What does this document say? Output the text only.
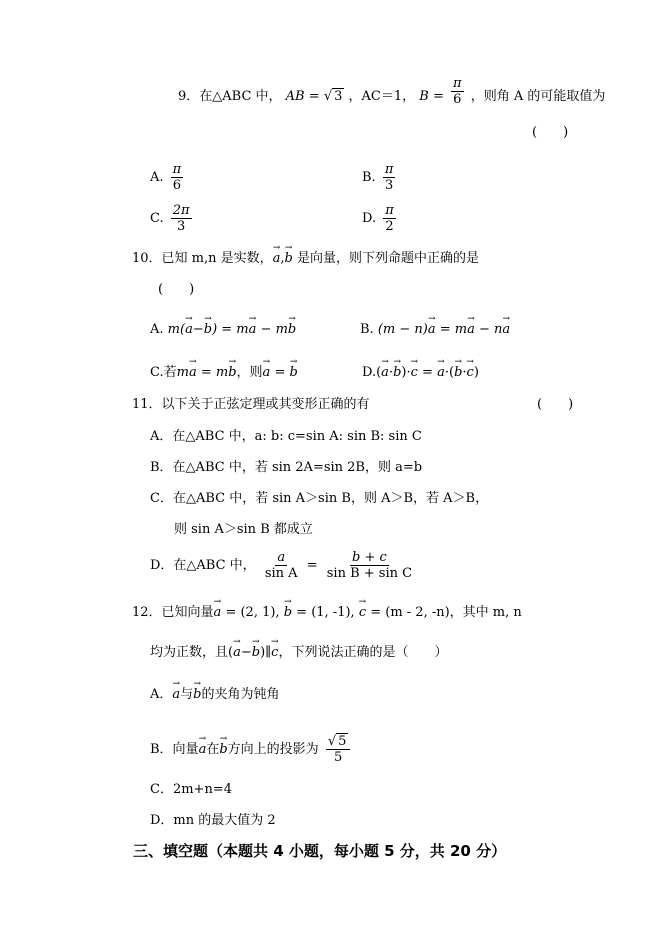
9．在△ABC 中， AB = √ 3 ，AC＝1， $B = \frac{\pi}{6}$ ，则角 A 的可能取值为
(　　)
A. $\frac{\pi}{6}$	B. $\frac{\pi}{3}$
C. $\frac{2\pi}{3}$	D. $\frac{\pi}{2}$
10．已知 m,n 是实数，→ a,→ b 是向量，则下列命题中正确的是
(　　)
A. m(→ a−→ b) = m→ a − m→ b	B. (m − n)→ a = m→ a − n→ a
C.若m→ a = m→ b，则→ a = → b	D.(→ a·→ b)·→ c = → a·(→ b·→ c)
11．以下关于正弦定理或其变形正确的有	(　　)
A．在△ABC 中，a: b: c=sin A: sin B: sin C
B．在△ABC 中，若 sin 2A=sin 2B，则 a=b
C．在△ABC 中，若 sin A＞sin B，则 A＞B，若 A＞B，
则 sin A＞sin B 都成立
D．在△ABC 中， $\frac{a}{\text{sin A}} = \frac{b + c}{\text{sin B + sin C}}$
12．已知向量→ a = (2, 1), → b = (1, -1), → c = (m - 2, -n)，其中 m, n
均为正数，且(→ a−→ b)∥→ c，下列说法正确的是（　　）
A．→ a与→ b的夹角为钝角
B．向量→ a在→ b方向上的投影为 $\frac{√ 5}{5}$
C．2m+n=4
D．mn 的最大值为 2
三、填空题（本题共 4 小题，每小题 5 分，共 20 分）
